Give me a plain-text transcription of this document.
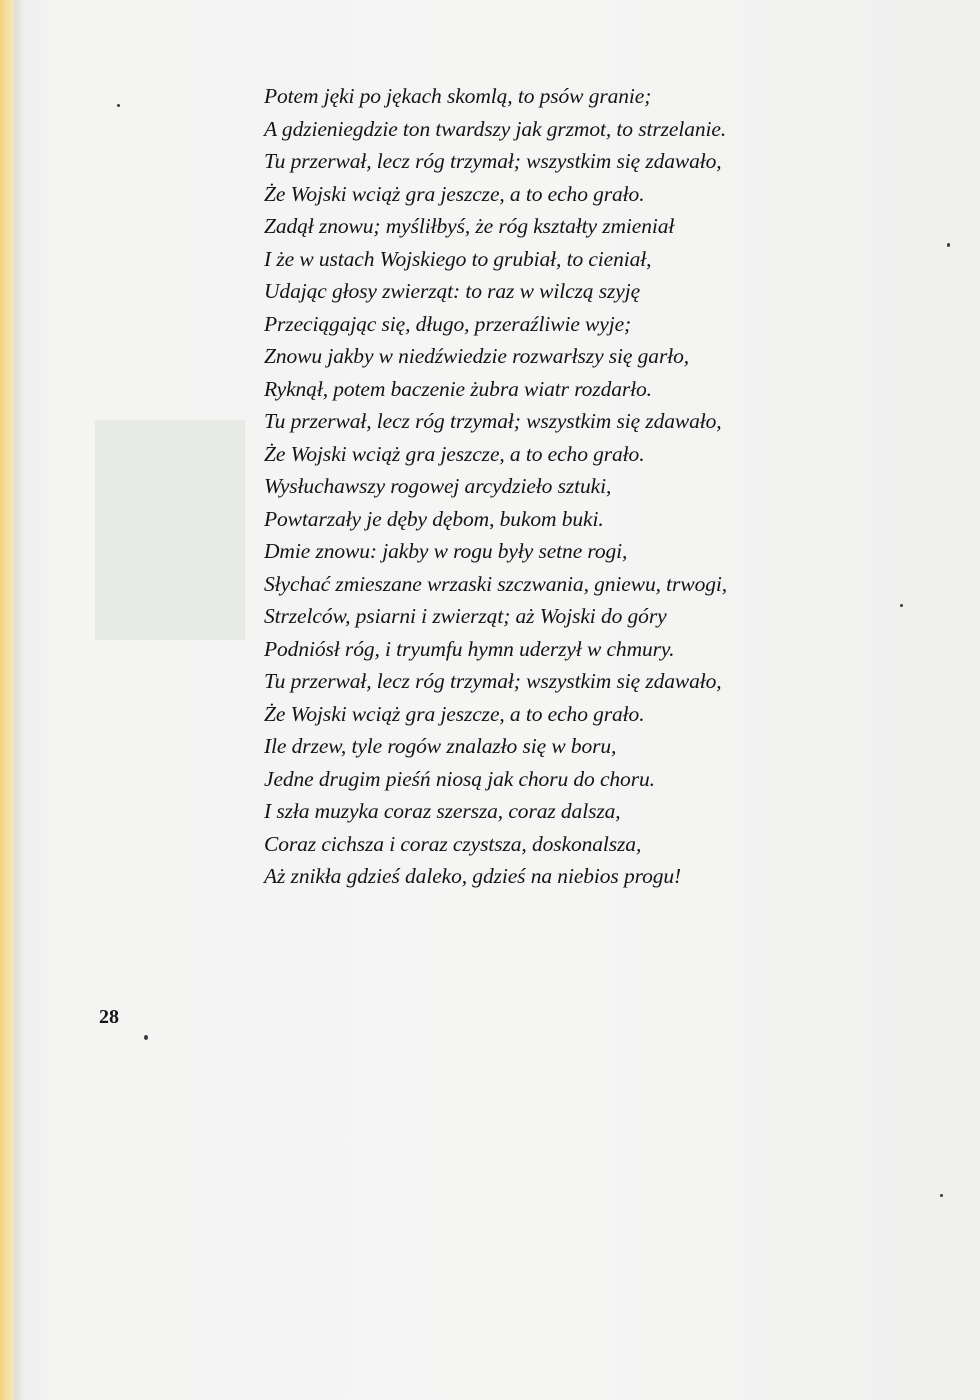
Potem jęki po jękach skomlą, to psów granie;
A gdzieniegdzie ton twardszy jak grzmot, to strzelanie.
Tu przerwał, lecz róg trzymał; wszystkim się zdawało,
Że Wojski wciąż gra jeszcze, a to echo grało.
Zadął znowu; myśliłbyś, że róg kształty zmieniał
I że w ustach Wojskiego to grubiał, to cieniał,
Udając głosy zwierząt: to raz w wilczą szyję
Przeciągając się, długo, przeraźliwie wyje;
Znowu jakby w niedźwiedzie rozwarłszy się garło,
Ryknął, potem baczenie żubra wiatr rozdarło.
Tu przerwał, lecz róg trzymał; wszystkim się zdawało,
Że Wojski wciąż gra jeszcze, a to echo grało.
Wysłuchawszy rogowej arcydzieło sztuki,
Powtarzały je dęby dębom, bukom buki.
Dmie znowu: jakby w rogu były setne rogi,
Słychać zmieszane wrzaski szczwania, gniewu, trwogi,
Strzelców, psiarni i zwierząt; aż Wojski do góry
Podniósł róg, i tryumfu hymn uderzył w chmury.
Tu przerwał, lecz róg trzymał; wszystkim się zdawało,
Że Wojski wciąż gra jeszcze, a to echo grało.
Ile drzew, tyle rogów znalazło się w boru,
Jedne drugim pieśń niosą jak choru do choru.
I szła muzyka coraz szersza, coraz dalsza,
Coraz cichsza i coraz czystsza, doskonalsza,
Aż znikła gdzieś daleko, gdzieś na niebios progu!
28
